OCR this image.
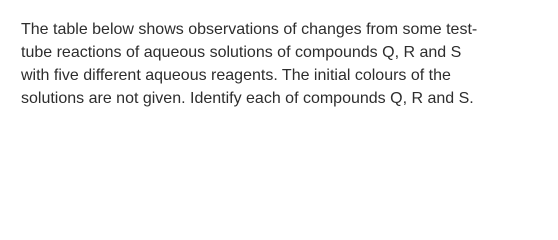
The table below shows observations of changes from some test-
tube reactions of aqueous solutions of compounds Q, R and S
with five different aqueous reagents. The initial colours of the
solutions are not given. Identify each of compounds Q, R and S.
